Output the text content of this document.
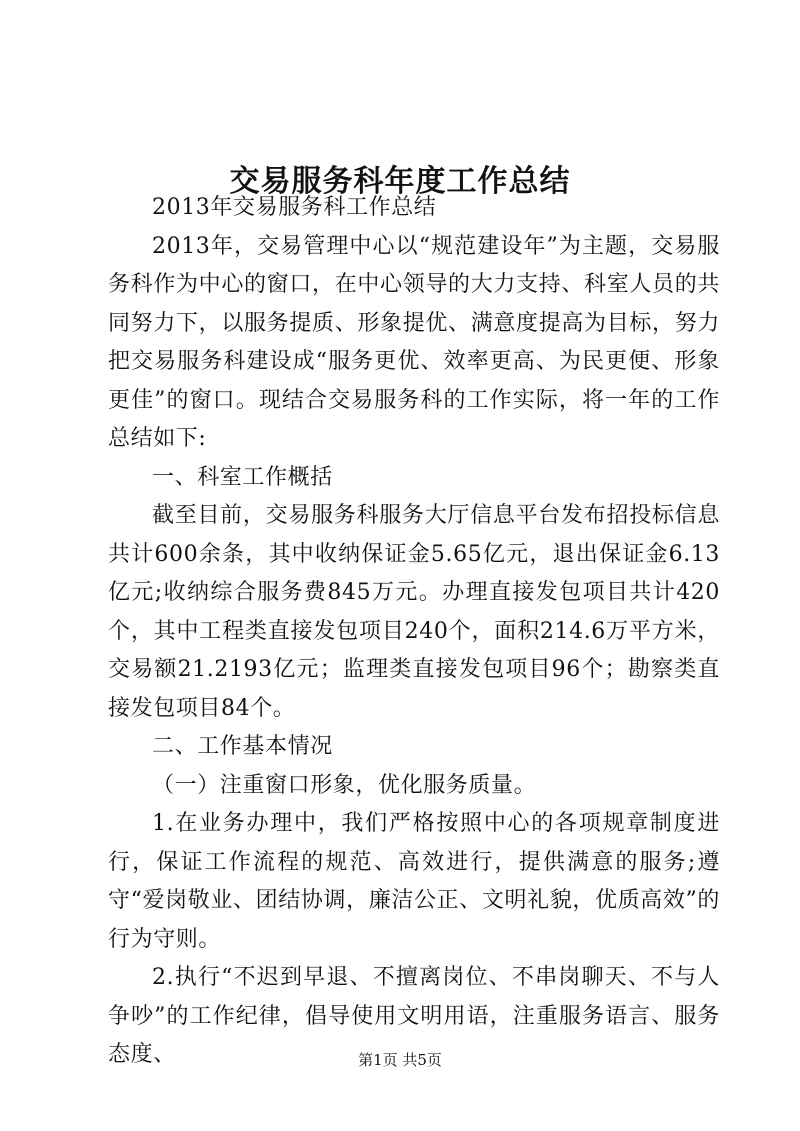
交易服务科年度工作总结

2013年交易服务科工作总结

2013年，交易管理中心以“规范建设年”为主题，交易服务科作为中心的窗口，在中心领导的大力支持、科室人员的共同努力下，以服务提质、形象提优、满意度提高为目标，努力把交易服务科建设成“服务更优、效率更高、为民更便、形象更佳”的窗口。现结合交易服务科的工作实际，将一年的工作总结如下:

一、科室工作概括

截至目前，交易服务科服务大厅信息平台发布招投标信息共计600余条，其中收纳保证金5.65亿元，退出保证金6.13亿元;收纳综合服务费845万元。办理直接发包项目共计420个，其中工程类直接发包项目240个，面积214.6万平方米，交易额21.2193亿元；监理类直接发包项目96个；勘察类直接发包项目84个。

二、工作基本情况

（一）注重窗口形象，优化服务质量。

1.在业务办理中，我们严格按照中心的各项规章制度进行，保证工作流程的规范、高效进行，提供满意的服务;遵守“爱岗敬业、团结协调，廉洁公正、文明礼貌，优质高效”的行为守则。

2.执行“不迟到早退、不擅离岗位、不串岗聊天、不与人争吵”的工作纪律，倡导使用文明用语，注重服务语言、服务态度、	第1页 共5页
